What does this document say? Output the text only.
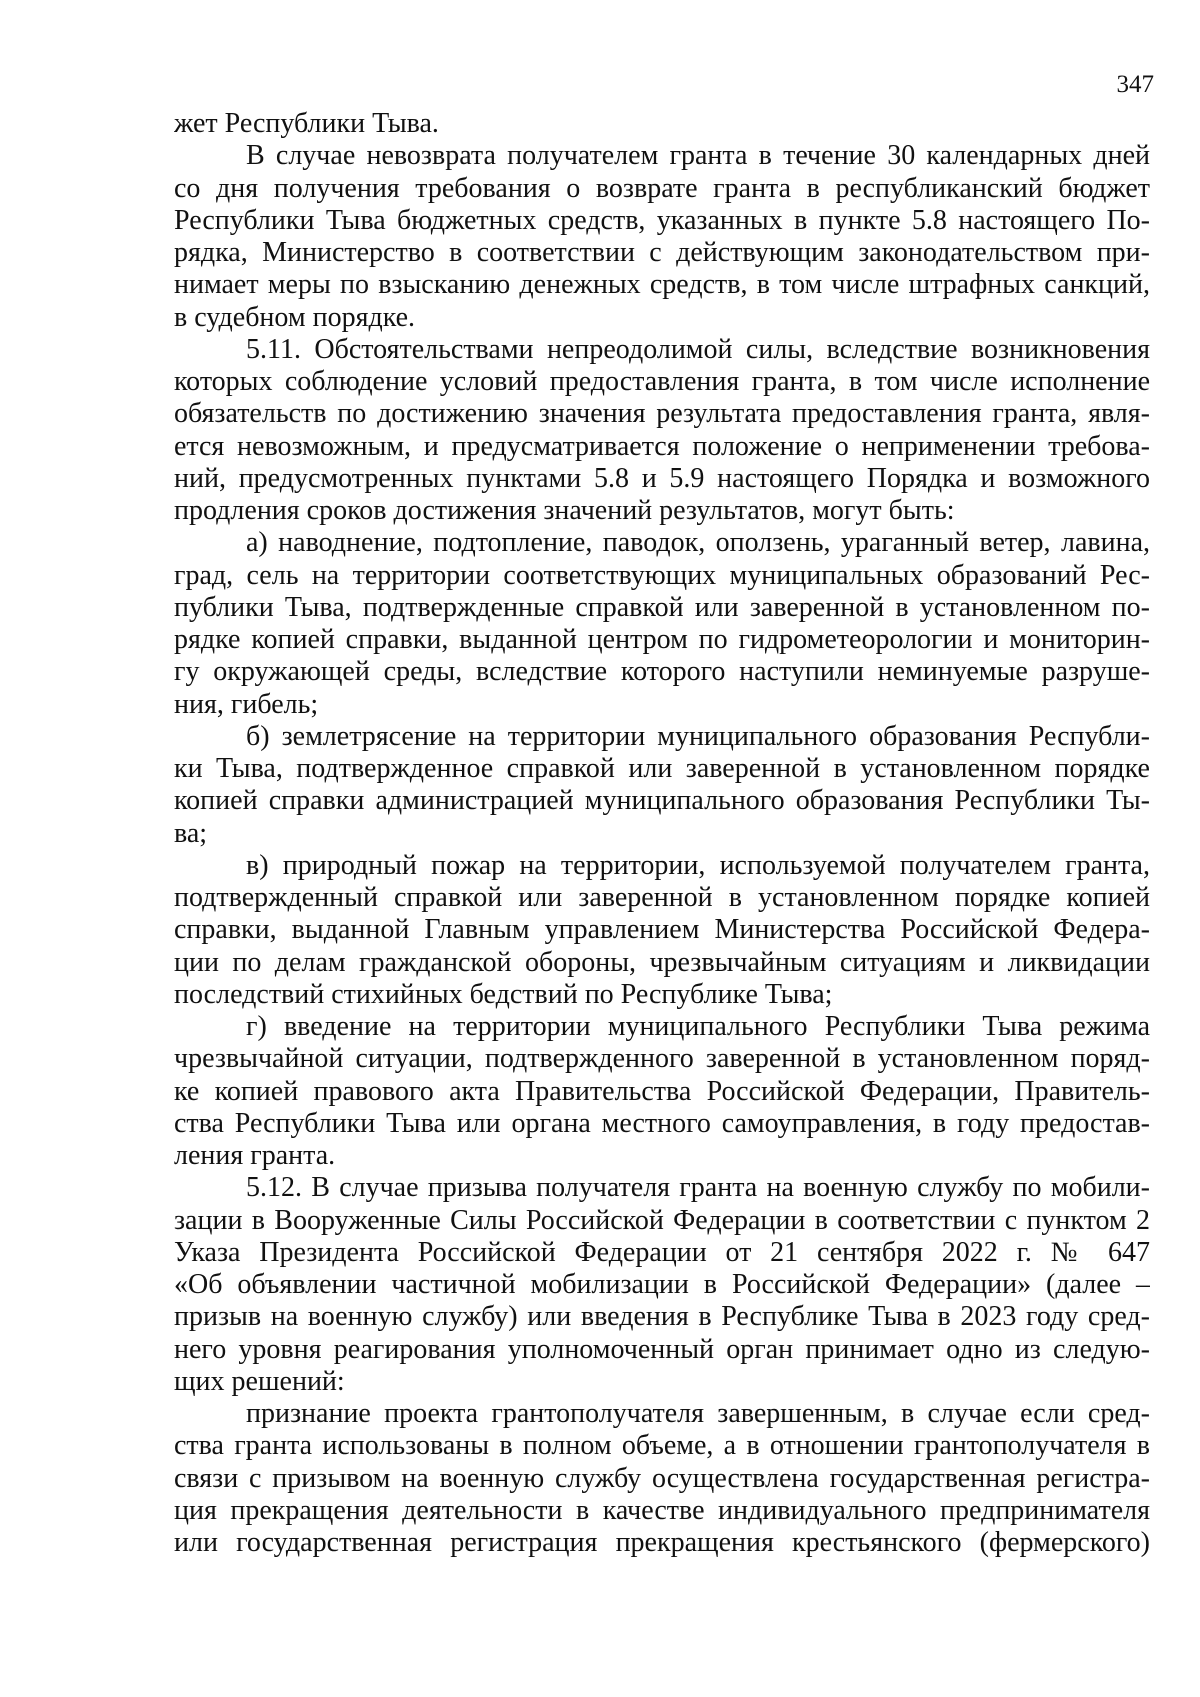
347
жет Республики Тыва.
В случае невозврата получателем гранта в течение 30 календарных дней
со дня получения требования о возврате гранта в республиканский бюджет
Республики Тыва бюджетных средств, указанных в пункте 5.8 настоящего По-
рядка, Министерство в соответствии с действующим законодательством при-
нимает меры по взысканию денежных средств, в том числе штрафных санкций,
в судебном порядке.
5.11. Обстоятельствами непреодолимой силы, вследствие возникновения
которых соблюдение условий предоставления гранта, в том числе исполнение
обязательств по достижению значения результата предоставления гранта, явля-
ется невозможным, и предусматривается положение о неприменении требова-
ний, предусмотренных пунктами 5.8 и 5.9 настоящего Порядка и возможного
продления сроков достижения значений результатов, могут быть:
а) наводнение, подтопление, паводок, оползень, ураганный ветер, лавина,
град, сель на территории соответствующих муниципальных образований Рес-
публики Тыва, подтвержденные справкой или заверенной в установленном по-
рядке копией справки, выданной центром по гидрометеорологии и мониторин-
гу окружающей среды, вследствие которого наступили неминуемые разруше-
ния, гибель;
б) землетрясение на территории муниципального образования Республи-
ки Тыва, подтвержденное справкой или заверенной в установленном порядке
копией справки администрацией муниципального образования Республики Ты-
ва;
в) природный пожар на территории, используемой получателем гранта,
подтвержденный справкой или заверенной в установленном порядке копией
справки, выданной Главным управлением Министерства Российской Федера-
ции по делам гражданской обороны, чрезвычайным ситуациям и ликвидации
последствий стихийных бедствий по Республике Тыва;
г) введение на территории муниципального Республики Тыва режима
чрезвычайной ситуации, подтвержденного заверенной в установленном поряд-
ке копией правового акта Правительства Российской Федерации, Правитель-
ства Республики Тыва или органа местного самоуправления, в году предостав-
ления гранта.
5.12. В случае призыва получателя гранта на военную службу по мобили-
зации в Вооруженные Силы Российской Федерации в соответствии с пунктом 2
Указа Президента Российской Федерации от 21 сентября 2022 г. № 647
«Об объявлении частичной мобилизации в Российской Федерации» (далее –
призыв на военную службу) или введения в Республике Тыва в 2023 году сред-
него уровня реагирования уполномоченный орган принимает одно из следую-
щих решений:
признание проекта грантополучателя завершенным, в случае если сред-
ства гранта использованы в полном объеме, а в отношении грантополучателя в
связи с призывом на военную службу осуществлена государственная регистра-
ция прекращения деятельности в качестве индивидуального предпринимателя
или государственная регистрация прекращения крестьянского (фермерского)
